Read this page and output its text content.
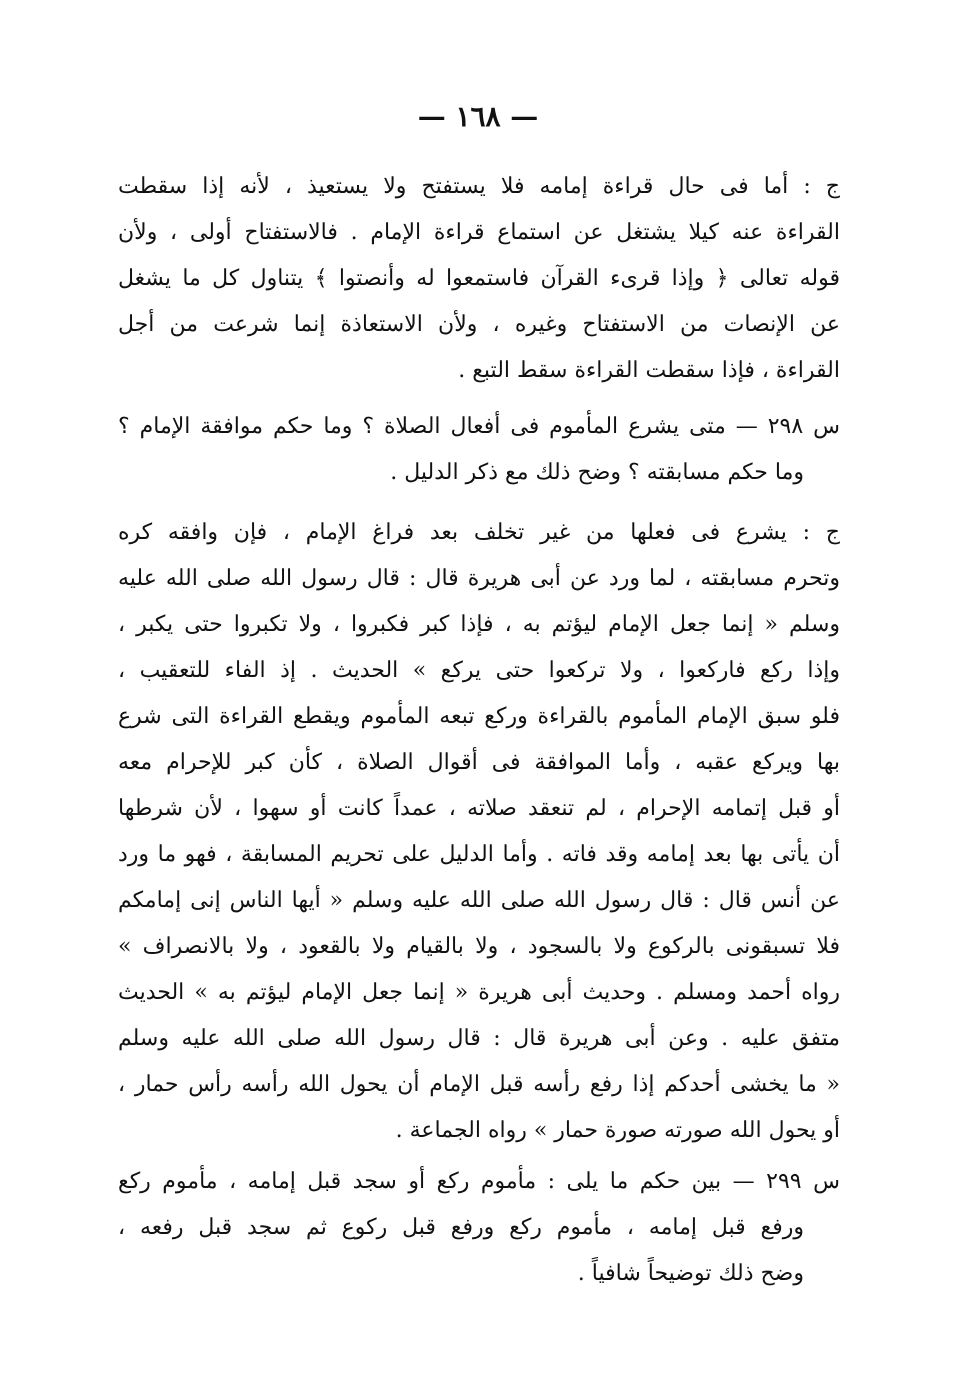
— ١٦٨ —
ج : أما فى حال قراءة إمامه فلا يستفتح ولا يستعيذ ، لأنه إذا سقطت
القراءة عنه كيلا يشتغل عن استماع قراءة الإمام . فالاستفتاح أولى ، ولأن
قوله تعالى ﴿ وإذا قرىء القرآن فاستمعوا له وأنصتوا ﴾ يتناول كل ما يشغل
عن الإنصات من الاستفتاح وغيره ، ولأن الاستعاذة إنما شرعت من أجل
القراءة ، فإذا سقطت القراءة سقط التبع .
س ٢٩٨ — متى يشرع المأموم فى أفعال الصلاة ؟ وما حكم موافقة الإمام ؟
وما حكم مسابقته ؟ وضح ذلك مع ذكر الدليل .
ج : يشرع فى فعلها من غير تخلف بعد فراغ الإمام ، فإن وافقه كره
وتحرم مسابقته ، لما ورد عن أبى هريرة قال : قال رسول الله صلى الله عليه
وسلم « إنما جعل الإمام ليؤتم به ، فإذا كبر فكبروا ، ولا تكبروا حتى يكبر ،
وإذا ركع فاركعوا ، ولا تركعوا حتى يركع » الحديث . إذ الفاء للتعقيب ،
فلو سبق الإمام المأموم بالقراءة وركع تبعه المأموم ويقطع القراءة التى شرع
بها ويركع عقبه ، وأما الموافقة فى أقوال الصلاة ، كأن كبر للإحرام معه
أو قبل إتمامه الإحرام ، لم تنعقد صلاته ، عمداً كانت أو سهوا ، لأن شرطها
أن يأتى بها بعد إمامه وقد فاته . وأما الدليل على تحريم المسابقة ، فهو ما ورد
عن أنس قال : قال رسول الله صلى الله عليه وسلم « أيها الناس إنى إمامكم
فلا تسبقونى بالركوع ولا بالسجود ، ولا بالقيام ولا بالقعود ، ولا بالانصراف »
رواه أحمد ومسلم . وحديث أبى هريرة « إنما جعل الإمام ليؤتم به » الحديث
متفق عليه . وعن أبى هريرة قال : قال رسول الله صلى الله عليه وسلم
« ما يخشى أحدكم إذا رفع رأسه قبل الإمام أن يحول الله رأسه رأس حمار ،
أو يحول الله صورته صورة حمار » رواه الجماعة .
س ٢٩٩ — بين حكم ما يلى : مأموم ركع أو سجد قبل إمامه ، مأموم ركع
ورفع قبل إمامه ، مأموم ركع ورفع قبل ركوع ثم سجد قبل رفعه ،
وضح ذلك توضيحاً شافياً .
